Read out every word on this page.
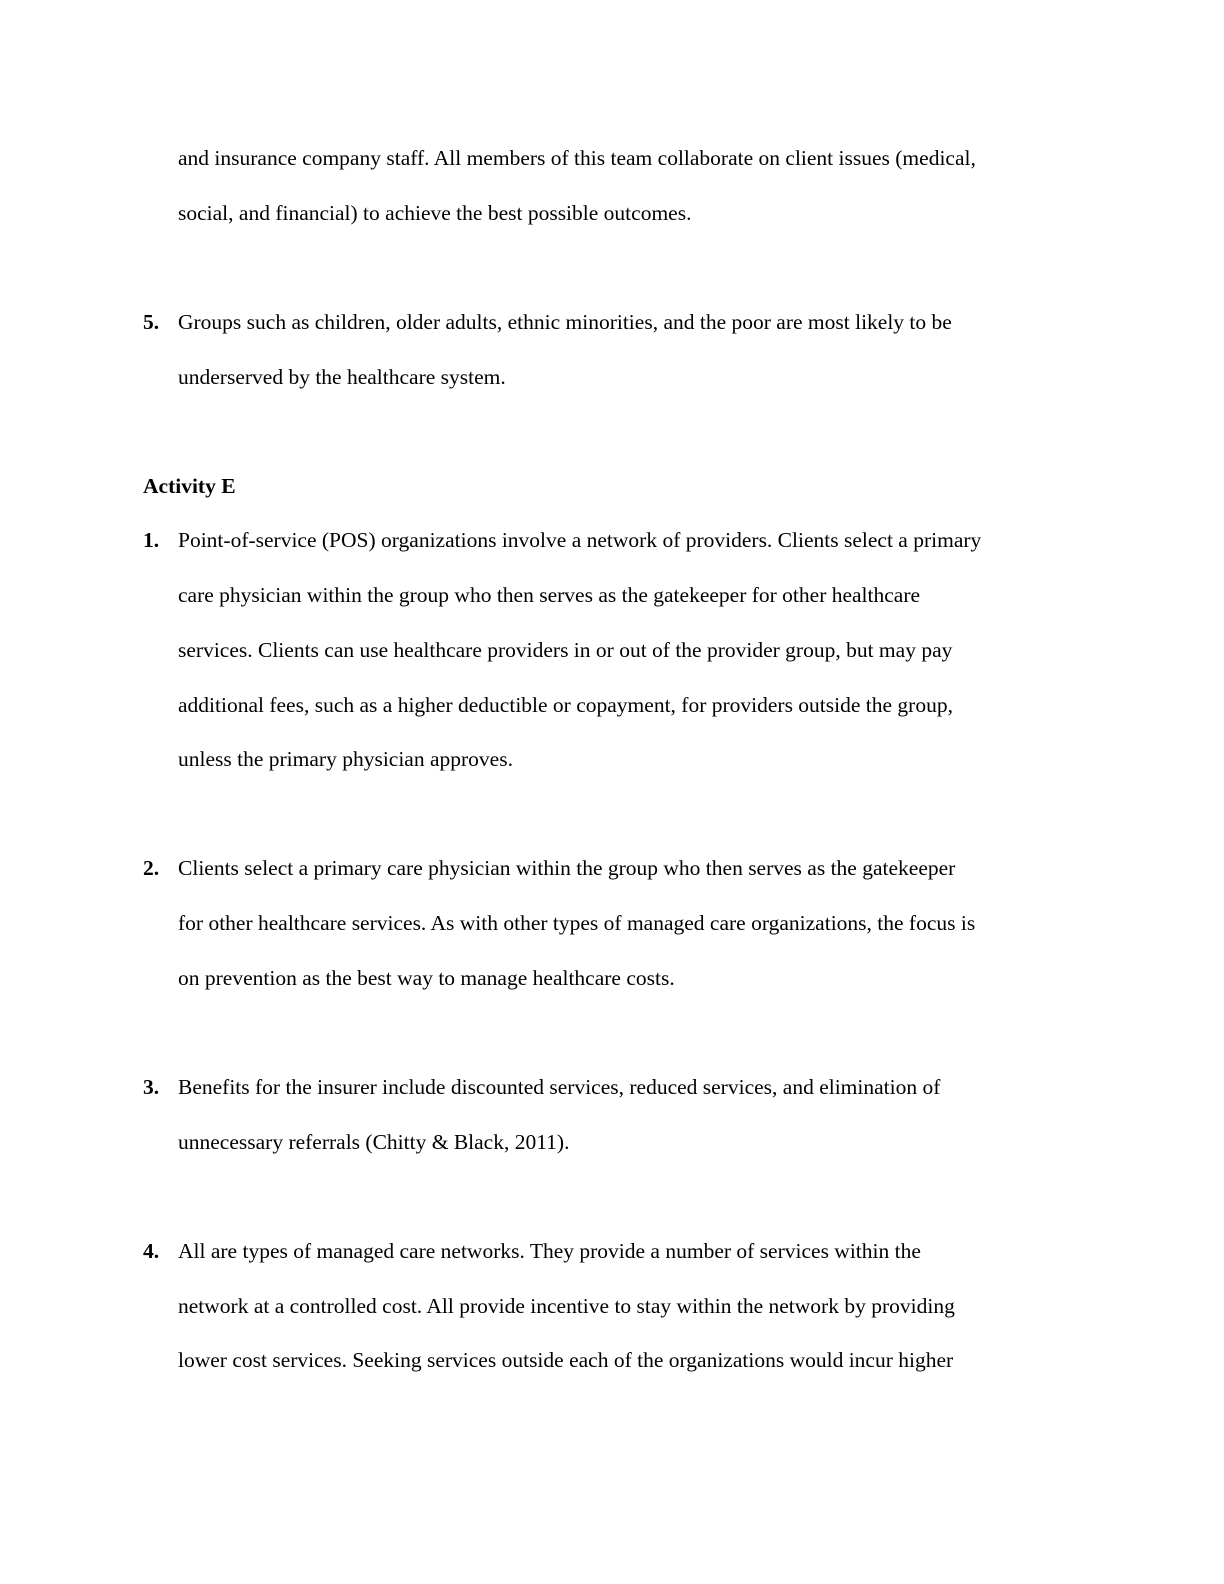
and insurance company staff. All members of this team collaborate on client issues (medical,
social, and financial) to achieve the best possible outcomes.
5. Groups such as children, older adults, ethnic minorities, and the poor are most likely to be
underserved by the healthcare system.
Activity E
1. Point-of-service (POS) organizations involve a network of providers. Clients select a primary
care physician within the group who then serves as the gatekeeper for other healthcare
services. Clients can use healthcare providers in or out of the provider group, but may pay
additional fees, such as a higher deductible or copayment, for providers outside the group,
unless the primary physician approves.
2. Clients select a primary care physician within the group who then serves as the gatekeeper
for other healthcare services. As with other types of managed care organizations, the focus is
on prevention as the best way to manage healthcare costs.
3. Benefits for the insurer include discounted services, reduced services, and elimination of
unnecessary referrals (Chitty & Black, 2011).
4. All are types of managed care networks. They provide a number of services within the
network at a controlled cost. All provide incentive to stay within the network by providing
lower cost services. Seeking services outside each of the organizations would incur higher
